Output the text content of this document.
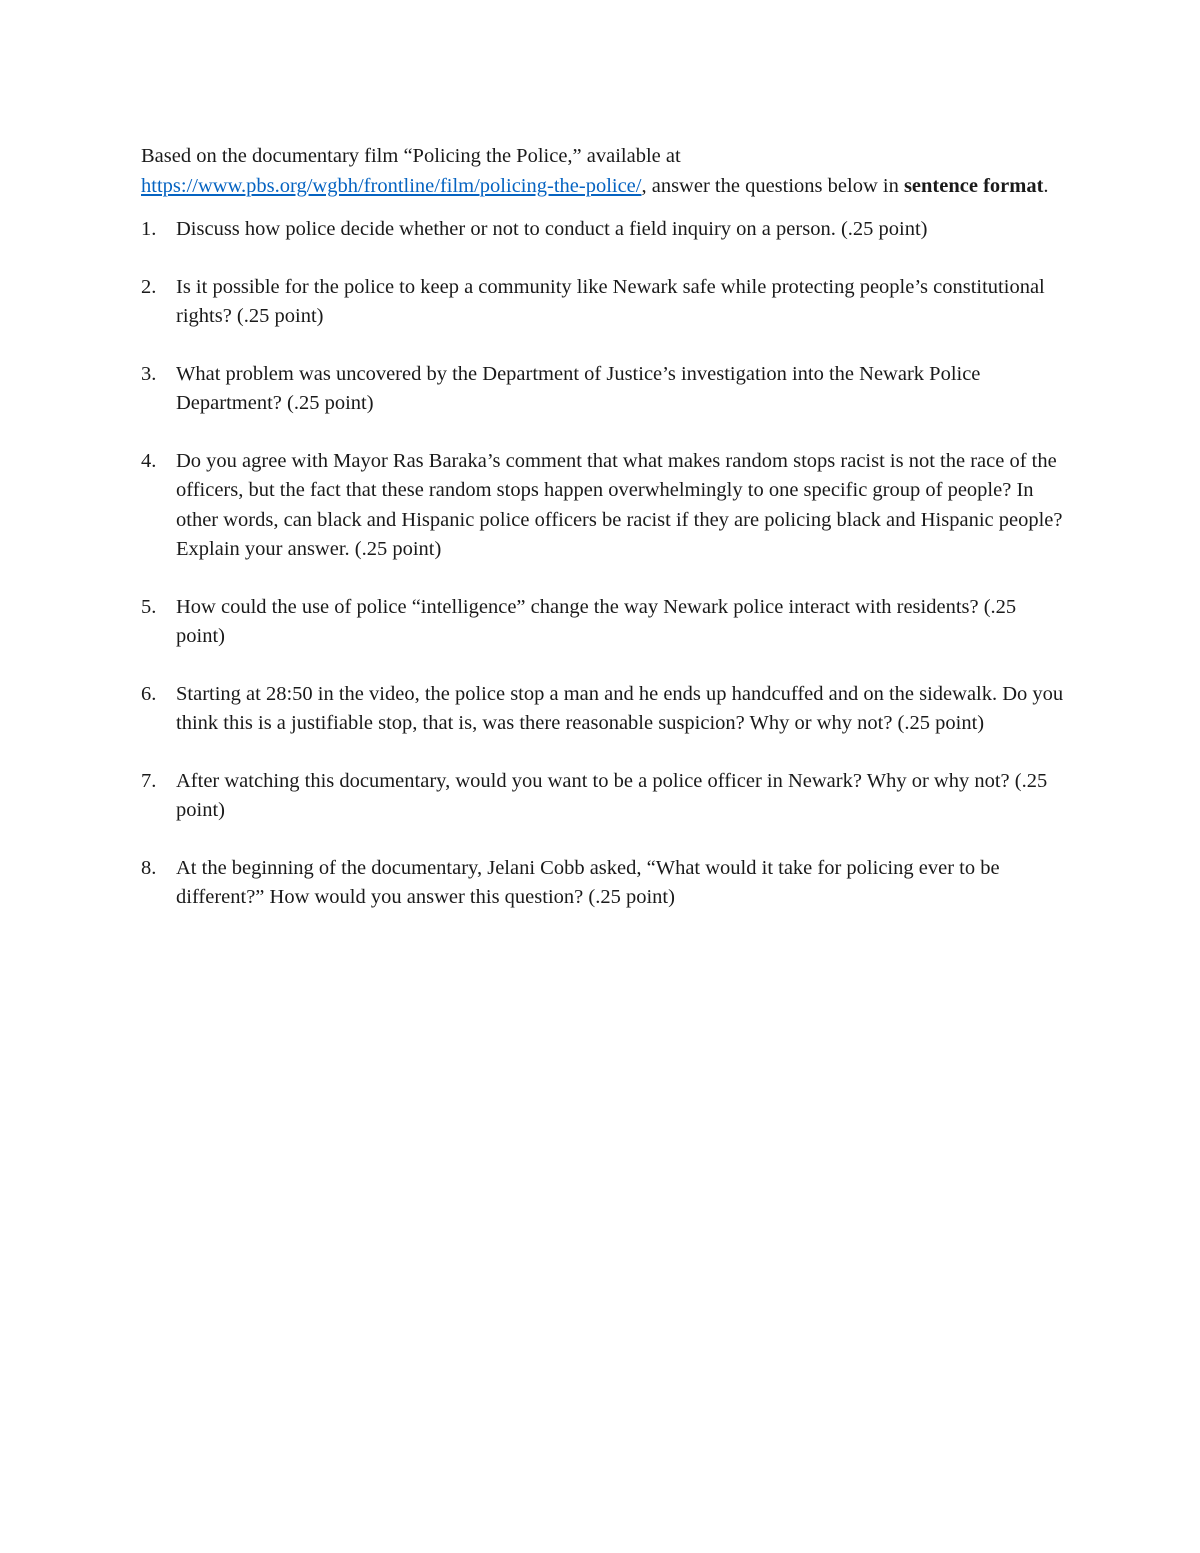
Based on the documentary film “Policing the Police,” available at https://www.pbs.org/wgbh/frontline/film/policing-the-police/, answer the questions below in sentence format.

1. Discuss how police decide whether or not to conduct a field inquiry on a person. (.25 point)
2. Is it possible for the police to keep a community like Newark safe while protecting people’s constitutional rights? (.25 point)
3. What problem was uncovered by the Department of Justice’s investigation into the Newark Police Department? (.25 point)
4. Do you agree with Mayor Ras Baraka’s comment that what makes random stops racist is not the race of the officers, but the fact that these random stops happen overwhelmingly to one specific group of people? In other words, can black and Hispanic police officers be racist if they are policing black and Hispanic people? Explain your answer. (.25 point)
5. How could the use of police “intelligence” change the way Newark police interact with residents? (.25 point)
6. Starting at 28:50 in the video, the police stop a man and he ends up handcuffed and on the sidewalk. Do you think this is a justifiable stop, that is, was there reasonable suspicion? Why or why not? (.25 point)
7. After watching this documentary, would you want to be a police officer in Newark? Why or why not? (.25 point)
8. At the beginning of the documentary, Jelani Cobb asked, “What would it take for policing ever to be different?” How would you answer this question? (.25 point)
